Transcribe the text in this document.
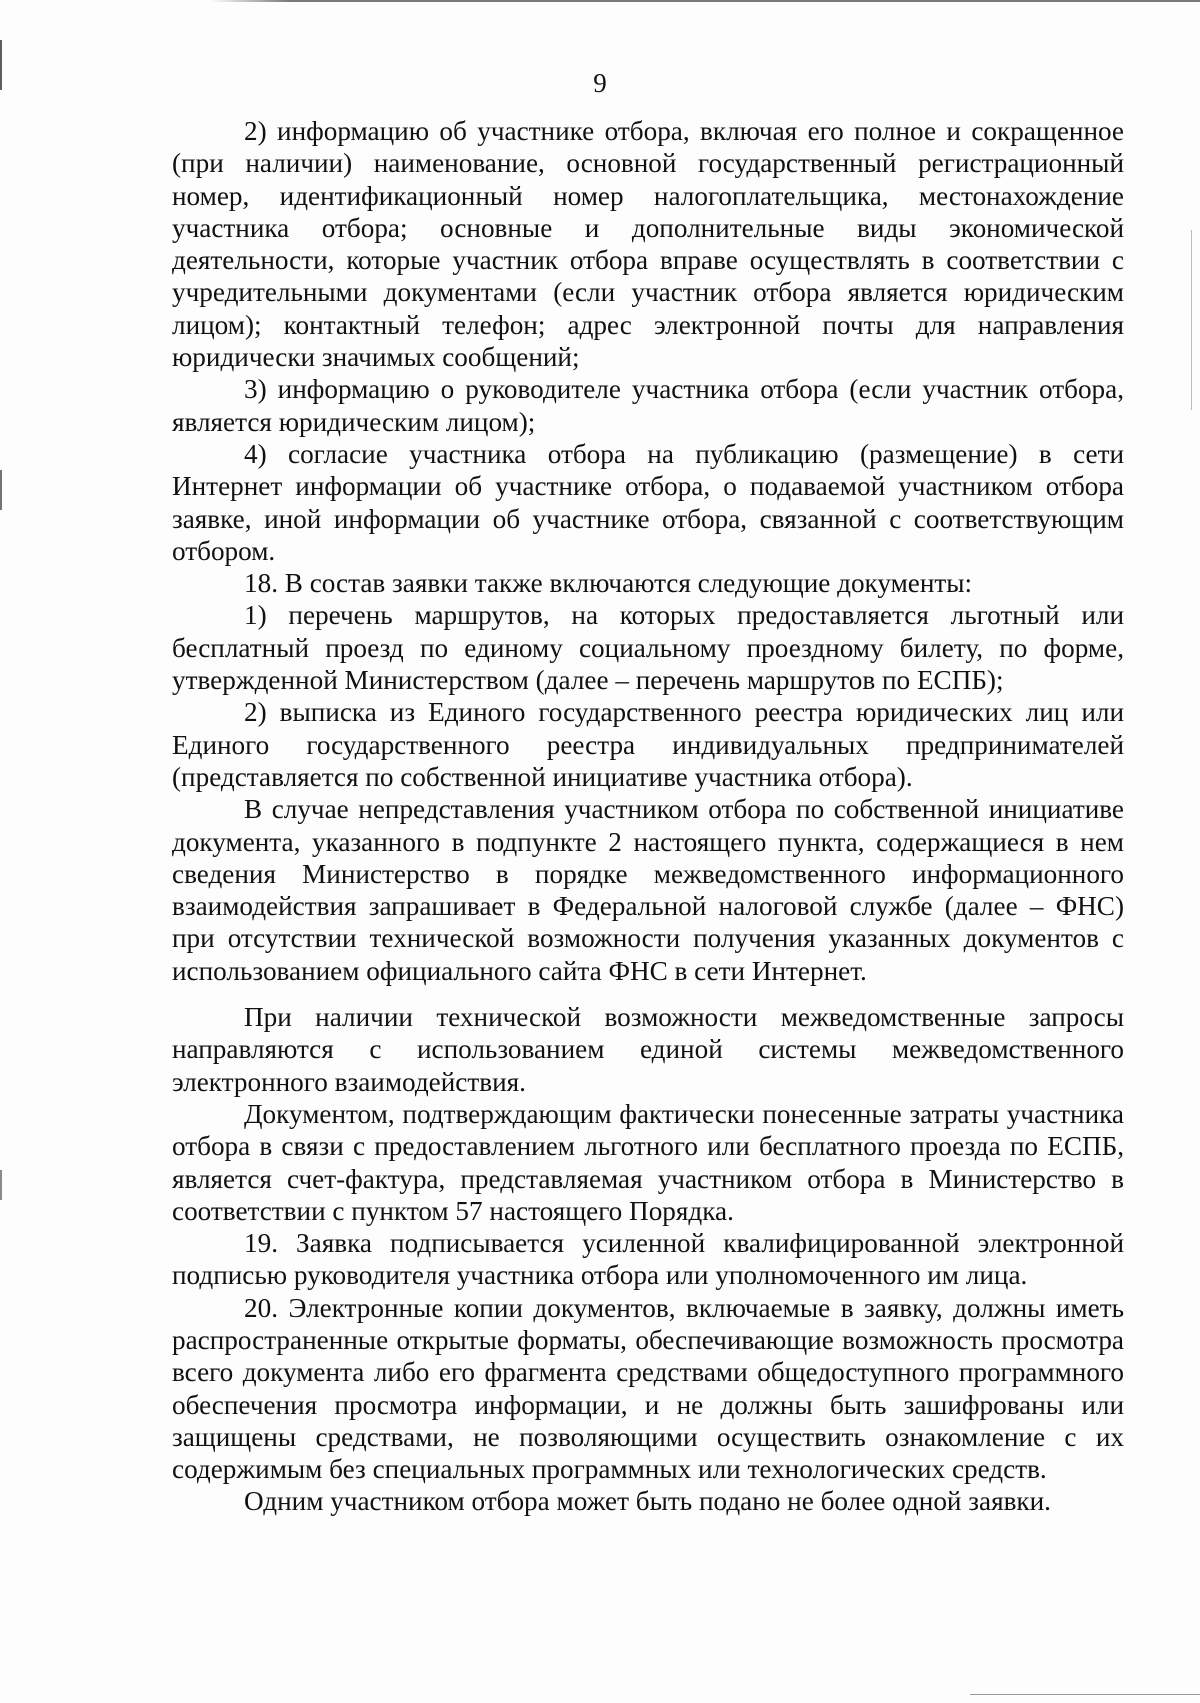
9

2) информацию об участнике отбора, включая его полное и сокращенное (при наличии) наименование, основной государственный регистрационный номер, идентификационный номер налогоплательщика, местонахождение участника отбора; основные и дополнительные виды экономической деятельности, которые участник отбора вправе осуществлять в соответствии с учредительными документами (если участник отбора является юридическим лицом); контактный телефон; адрес электронной почты для направления юридически значимых сообщений;

3) информацию о руководителе участника отбора (если участник отбора, является юридическим лицом);

4) согласие участника отбора на публикацию (размещение) в сети Интернет информации об участнике отбора, о подаваемой участником отбора заявке, иной информации об участнике отбора, связанной с соответствующим отбором.

18. В состав заявки также включаются следующие документы:

1) перечень маршрутов, на которых предоставляется льготный или бесплатный проезд по единому социальному проездному билету, по форме, утвержденной Министерством (далее – перечень маршрутов по ЕСПБ);

2) выписка из Единого государственного реестра юридических лиц или Единого государственного реестра индивидуальных предпринимателей (представляется по собственной инициативе участника отбора).

В случае непредставления участником отбора по собственной инициативе документа, указанного в подпункте 2 настоящего пункта, содержащиеся в нем сведения Министерство в порядке межведомственного информационного взаимодействия запрашивает в Федеральной налоговой службе (далее – ФНС) при отсутствии технической возможности получения указанных документов с использованием официального сайта ФНС в сети Интернет.

При наличии технической возможности межведомственные запросы направляются с использованием единой системы межведомственного электронного взаимодействия.

Документом, подтверждающим фактически понесенные затраты участника отбора в связи с предоставлением льготного или бесплатного проезда по ЕСПБ, является счет-фактура, представляемая участником отбора в Министерство в соответствии с пунктом 57 настоящего Порядка.

19. Заявка подписывается усиленной квалифицированной электронной подписью руководителя участника отбора или уполномоченного им лица.

20. Электронные копии документов, включаемые в заявку, должны иметь распространенные открытые форматы, обеспечивающие возможность просмотра всего документа либо его фрагмента средствами общедоступного программного обеспечения просмотра информации, и не должны быть зашифрованы или защищены средствами, не позволяющими осуществить ознакомление с их содержимым без специальных программных или технологических средств.

Одним участником отбора может быть подано не более одной заявки.
